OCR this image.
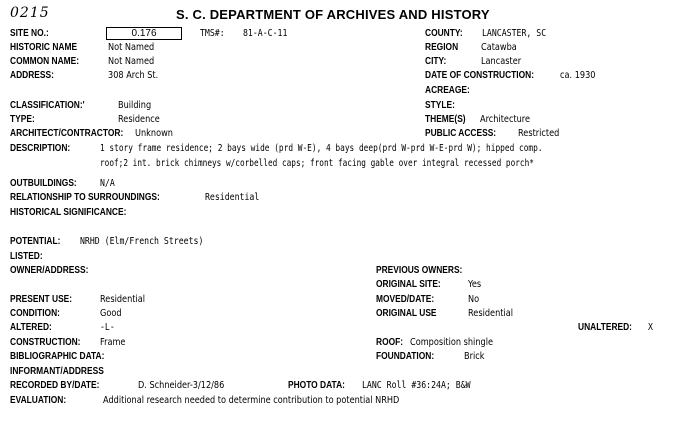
0215	S. C. DEPARTMENT OF ARCHIVES AND HISTORY
SITE NO.:	0.176	TMS#: 81-A-C-11	COUNTY: LANCASTER, SC
HISTORIC NAME	Not Named	REGION Catawba
COMMON NAME:	Not Named	CITY:	Lancaster
ADDRESS:	308 Arch St.	DATE OF CONSTRUCTION:	ca. 1930
ACREAGE:
CLASSIFICATION:'	Building	STYLE:
TYPE:	Residence	THEME(S) Architecture
ARCHITECT/CONTRACTOR: Unknown	PUBLIC ACCESS: Restricted
DESCRIPTION:	1 story frame residence; 2 bays wide (prd W-E), 4 bays deep(prd W-prd W-E-prd W); hipped comp.
roof;2 int. brick chimneys w/corbelled caps; front facing gable over integral recessed porch*
OUTBUILDINGS: N/A
RELATIONSHIP TO SURROUNDINGS:	Residential
HISTORICAL SIGNIFICANCE:
POTENTIAL: NRHD (Elm/French Streets)
LISTED:
OWNER/ADDRESS:	PREVIOUS OWNERS:
ORIGINAL SITE:	Yes
PRESENT USE:	Residential	MOVED/DATE:	No
CONDITION:	Good	ORIGINAL USE	Residential
ALTERED:	-L-	UNALTERED: X
CONSTRUCTION: Frame	ROOF: Composition shingle
BIBLIOGRAPHIC DATA:	FOUNDATION:	Brick
INFORMANT/ADDRESS
RECORDED BY/DATE:	D. Schneider-3/12/86	PHOTO DATA: LANC Roll #36:24A; B&W
EVALUATION:	Additional research needed to determine contribution to potential NRHD
